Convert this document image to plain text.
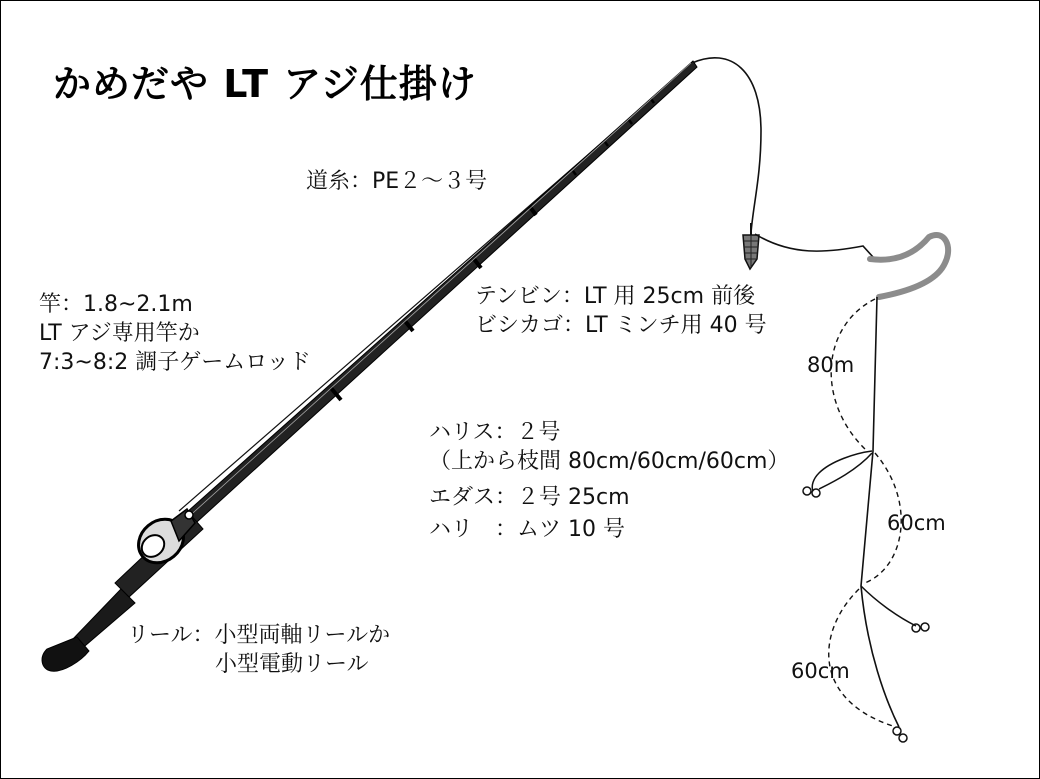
かめだや LT アジ仕掛け
道糸：PE２～３号
竿：1.8~2.1m
LT アジ専用竿か
7:3~8:2 調子ゲームロッド
テンビン：LT 用 25cm 前後
ビシカゴ：LT ミンチ用 40 号
ハリス：２号
（上から枝間 80cm/60cm/60cm）
エダス：２号 25cm
ハリ　：ムツ 10 号
リール：小型両軸リールか
　　　　小型電動リール
80m
60cm
60cm
